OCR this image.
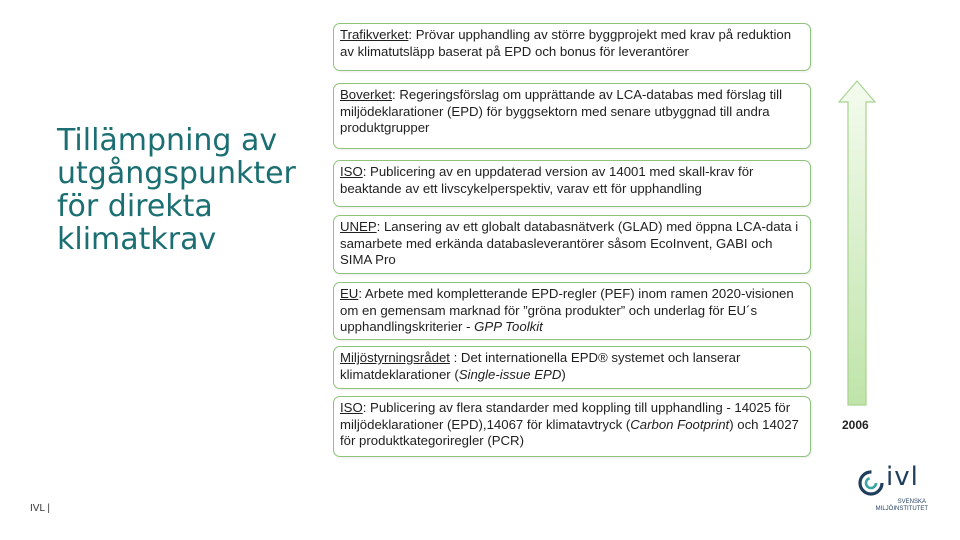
Tillämpning av
utgångspunkter
för direkta
klimatkrav
Trafikverket: Prövar upphandling av större byggprojekt med krav på reduktion av klimatutsläpp baserat på EPD och bonus för leverantörer
Boverket: Regeringsförslag om upprättande av LCA-databas med förslag till miljödeklarationer (EPD) för byggsektorn med senare utbyggnad till andra produktgrupper
ISO: Publicering av en uppdaterad version av 14001 med skall-krav för beaktande av ett livscykelperspektiv, varav ett för upphandling
UNEP: Lansering av ett globalt databasnätverk (GLAD) med öppna LCA-data i samarbete med erkända databasleverantörer såsom EcoInvent, GABI och SIMA Pro
EU: Arbete med kompletterande EPD-regler (PEF) inom ramen 2020-visionen om en gemensam marknad för ”gröna produkter” och underlag för EU´s upphandlingskriterier - GPP Toolkit
Miljöstyrningsrådet : Det internationella EPD® systemet och lanserar klimatdeklarationer (Single-issue EPD)
ISO: Publicering av flera standarder med koppling till upphandling - 14025 för miljödeklarationer (EPD),14067 för klimatavtryck (Carbon Footprint) och 14027 för produktkategoriregler (PCR)
2006
IVL |
ivl
SVENSKA
MILJÖINSTITUTET
